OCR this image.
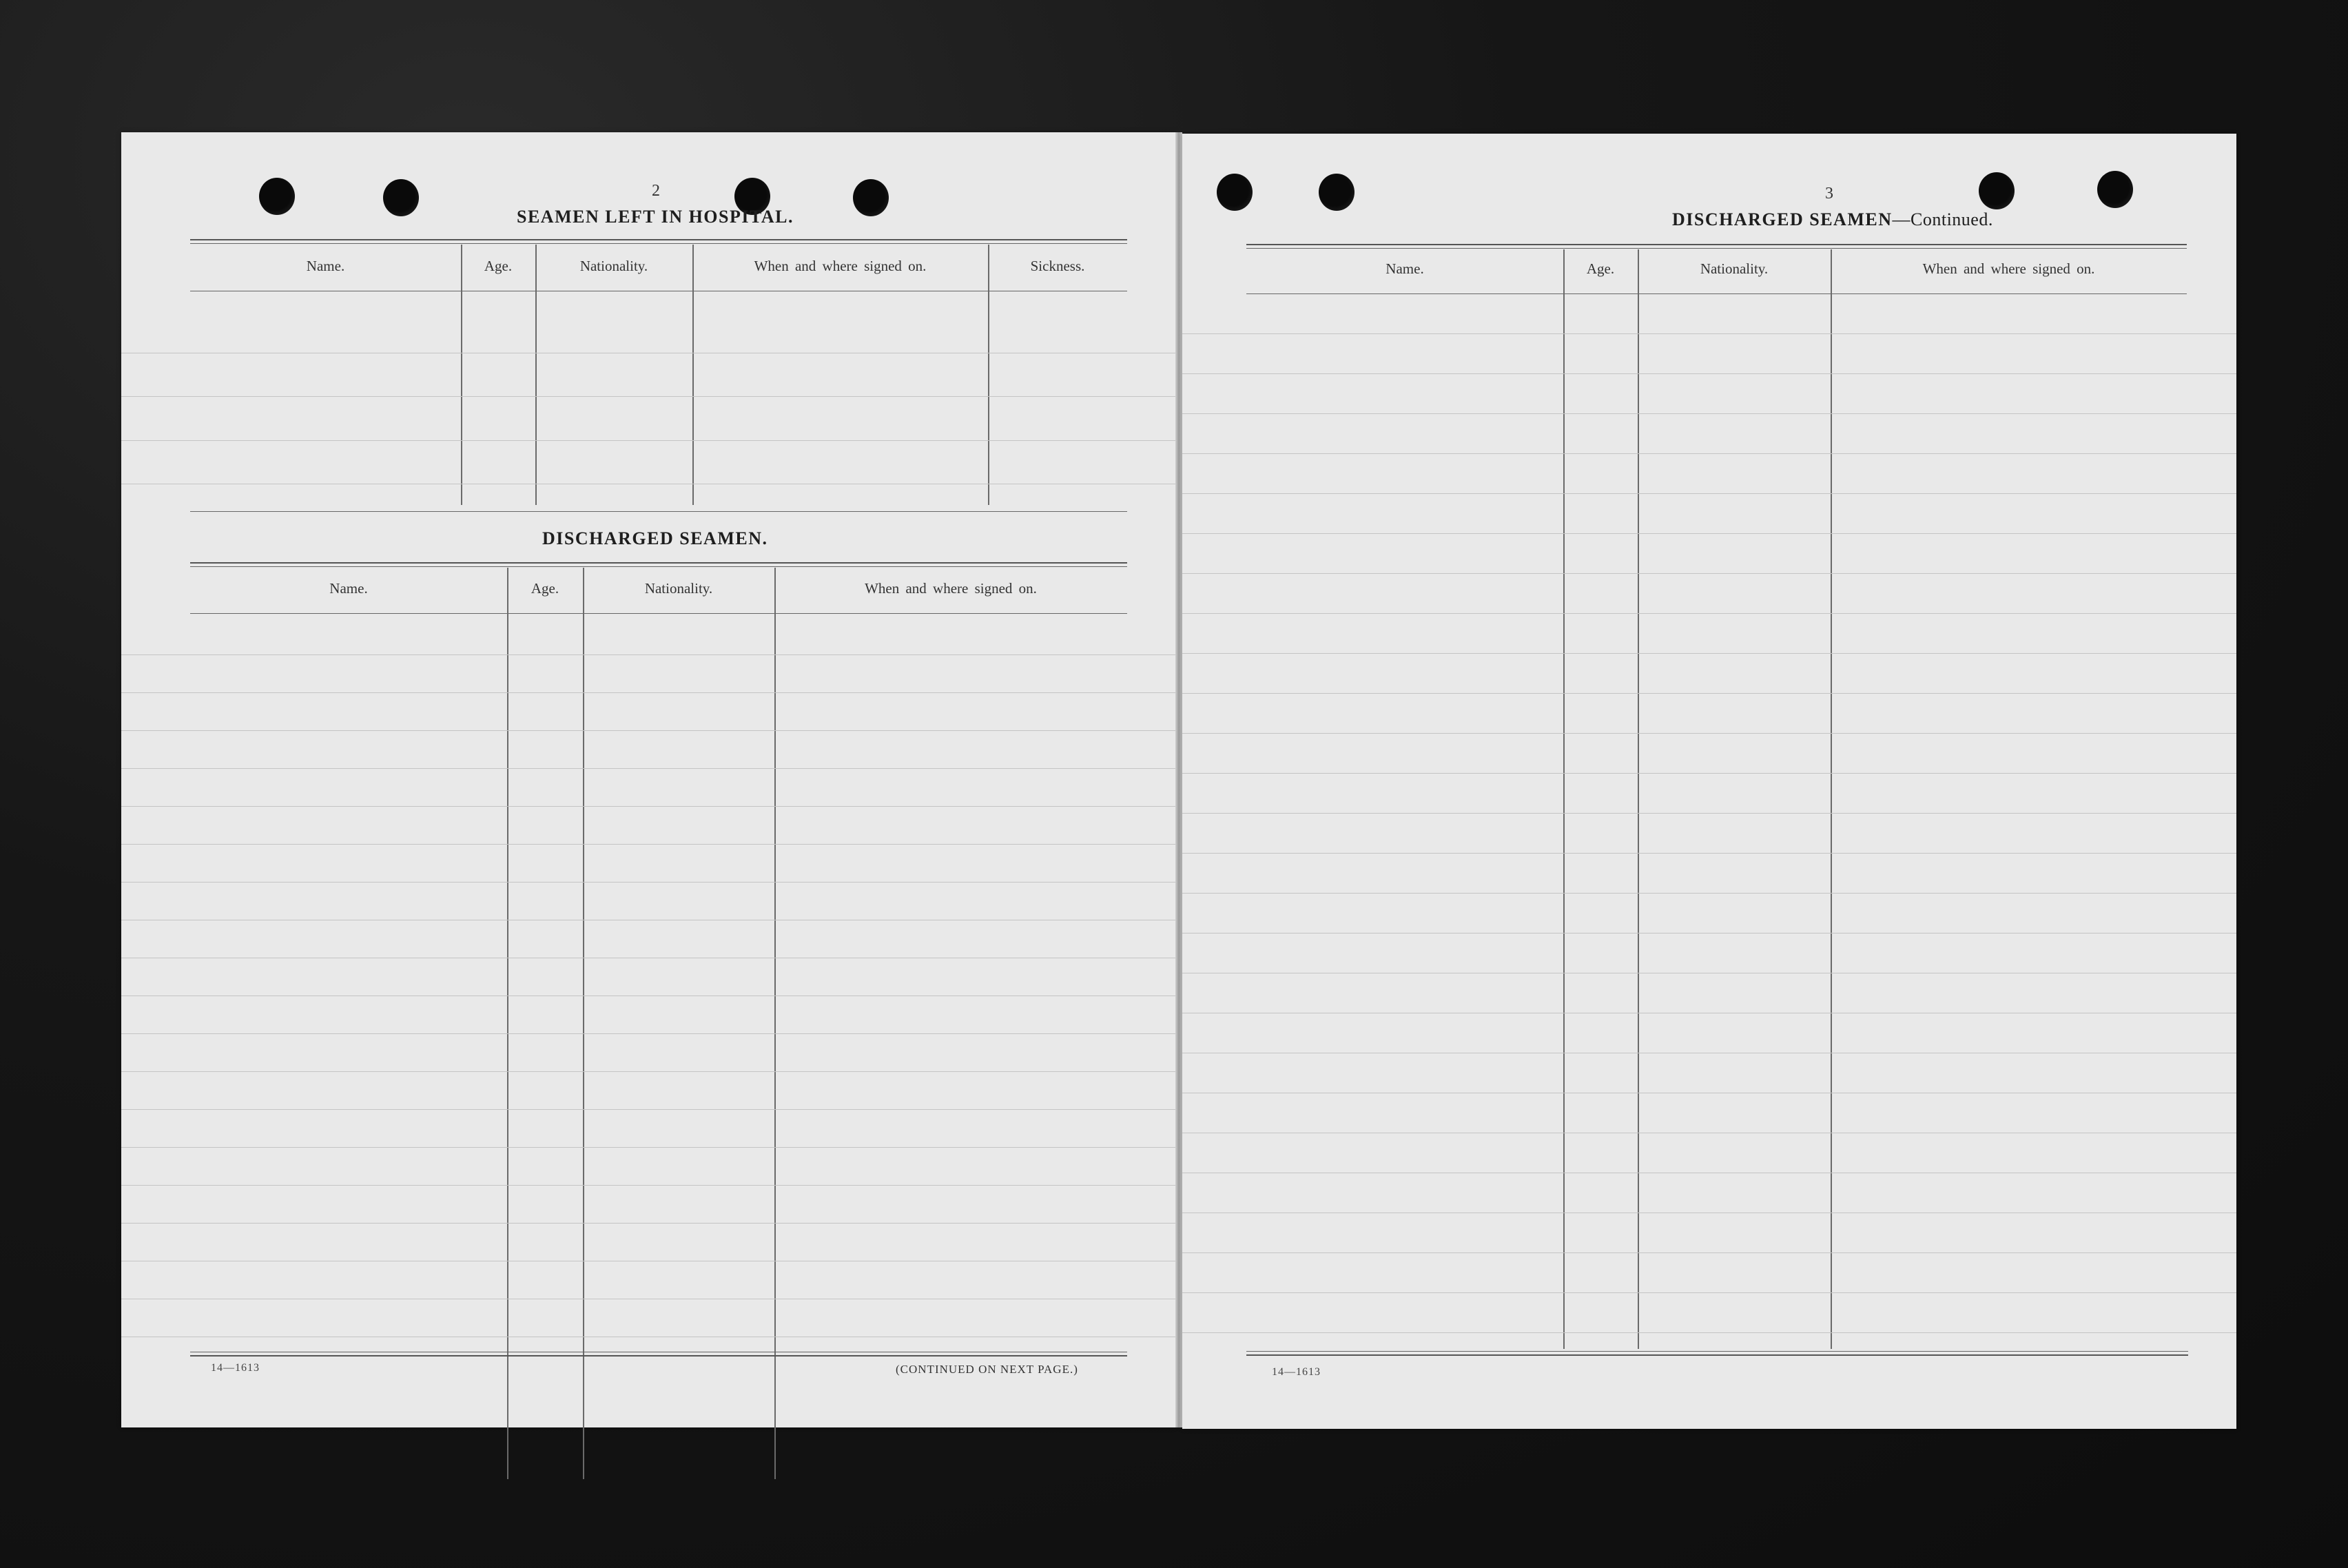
2
SEAMEN LEFT IN HOSPITAL.
Name.	Age.	Nationality.	When and where signed on.	Sickness.
DISCHARGED SEAMEN.
Name.	Age.	Nationality.	When and where signed on.
14—1613	(CONTINUED ON NEXT PAGE.)
3
DISCHARGED SEAMEN—Continued.
Name.	Age.	Nationality.	When and where signed on.
14—1613
